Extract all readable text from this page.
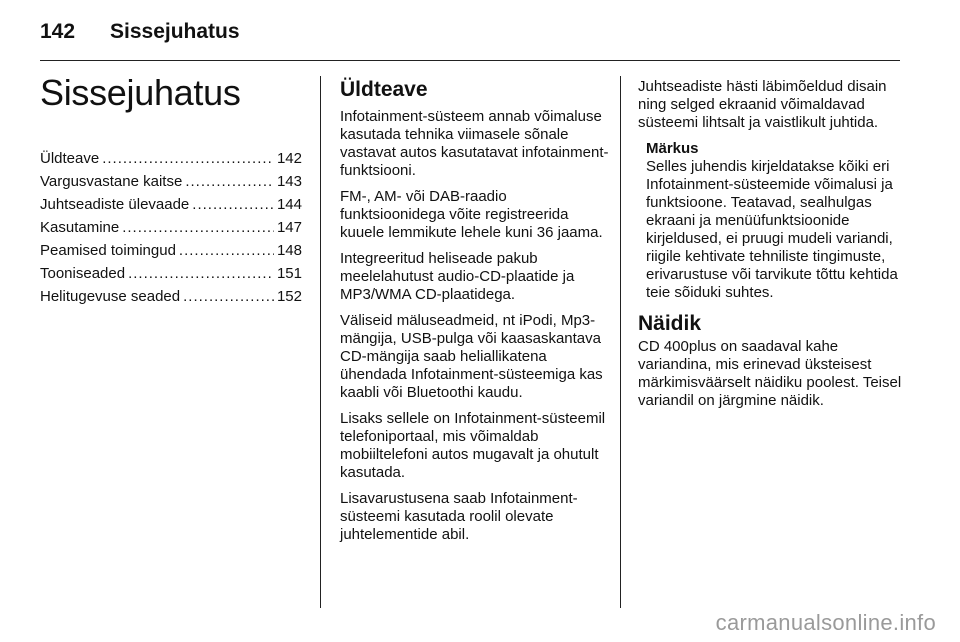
142 Sissejuhatus
Sissejuhatus
Üldteave .....	142
Vargusvastane kaitse .....	143
Juhtseadiste ülevaade .....	144
Kasutamine .....	147
Peamised toimingud .....	148
Tooniseaded .....	151
Helitugevuse seaded .....	152
Üldteave

Infotainment-süsteem annab võimaluse kasutada tehnika viimasele sõnale vastavat autos kasutatavat infotainment-funktsiooni.

FM-, AM- või DAB-raadio funktsioonidega võite registreerida kuuele lemmikute lehele kuni 36 jaama.

Integreeritud heliseade pakub meelelahutust audio-CD-plaatide ja MP3/WMA CD-plaatidega.

Väliseid mäluseadmeid, nt iPodi, Mp3-mängija, USB-pulga või kaasaskantava CD-mängija saab heliallikatena ühendada Infotainment-süsteemiga kas kaabli või Bluetoothi kaudu.

Lisaks sellele on Infotainment-süsteemil telefoniportaal, mis võimaldab mobiiltelefoni autos mugavalt ja ohutult kasutada.

Lisavarustusena saab Infotainment-süsteemi kasutada roolil olevate juhtelementide abil.

Juhtseadiste hästi läbimõeldud disain ning selged ekraanid võimaldavad süsteemi lihtsalt ja vaistlikult juhtida.

Märkus

Selles juhendis kirjeldatakse kõiki eri Infotainment-süsteemide võimalusi ja funktsioone. Teatavad, sealhulgas ekraani ja menüüfunktsioonide kirjeldused, ei pruugi mudeli variandi, riigile kehtivate tehniliste tingimuste, erivarustuse või tarvikute tõttu kehtida teie sõiduki suhtes.

Näidik

CD 400plus on saadaval kahe variandina, mis erinevad üksteisest märkimisväärselt näidiku poolest. Teisel variandil on järgmine näidik.

carmanualsonline.info
